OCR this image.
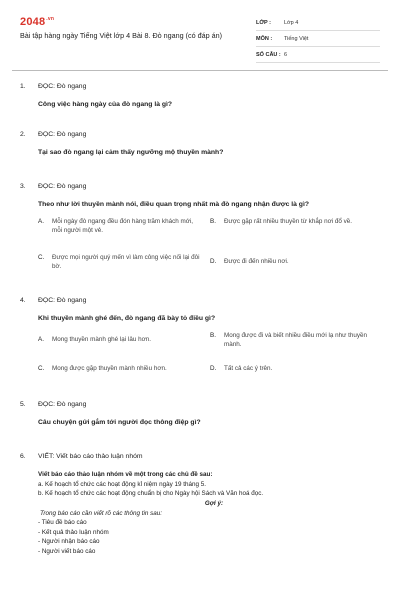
$2048^{.vn}$
Bài tập hàng ngày Tiếng Việt lớp 4 Bài 8. Đò ngang (có đáp án)
LỚP :	Lớp 4
MÔN :	Tiếng Việt
SỐ CÂU : 6
1.	ĐỌC: Đò ngang
Công việc hàng ngày của đò ngang là gì?
2.	ĐỌC: Đò ngang
Tại sao đò ngang lại cảm thấy ngưỡng mộ thuyền mành?
3.	ĐỌC: Đò ngang
Theo như lời thuyền mành nói, điều quan trọng nhất mà đò ngang nhận được là gì?
A.	Mỗi ngày đò ngang đều đón hàng trăm khách mới, mỗi người một vẻ.
B.	Được gặp rất nhiều thuyền từ khắp nơi đổ về.
C.	Được mọi người quý mến vì làm công việc nối lại đôi bờ.
D.	Được đi đến nhiều nơi.
4.	ĐỌC: Đò ngang
Khi thuyền mành ghé đến, đò ngang đã bày tỏ điều gì?
A.	Mong thuyền mành ghé lại lâu hơn.
B.	Mong được đi và biết nhiều điều mới lạ như thuyền mành.
C.	Mong được gặp thuyền mành nhiều hơn.	D.	Tất cả các ý trên.
5.	ĐỌC: Đò ngang
Câu chuyện gửi gắm tới người đọc thông điệp gì?
6.	VIẾT: Viết báo cáo thảo luận nhóm
Viết báo cáo thảo luận nhóm về một trong các chủ đề sau:
a. Kế hoạch tổ chức các hoạt động kỉ niệm ngày 19 tháng 5.
b. Kế hoạch tổ chức các hoạt động chuẩn bị cho Ngày hội Sách và Văn hoá đọc.
Gợi ý:
Trong báo cáo cần viết rõ các thông tin sau:
- Tiêu đề báo cáo
- Kết quả thảo luận nhóm
- Người nhận báo cáo
- Người viết báo cáo
